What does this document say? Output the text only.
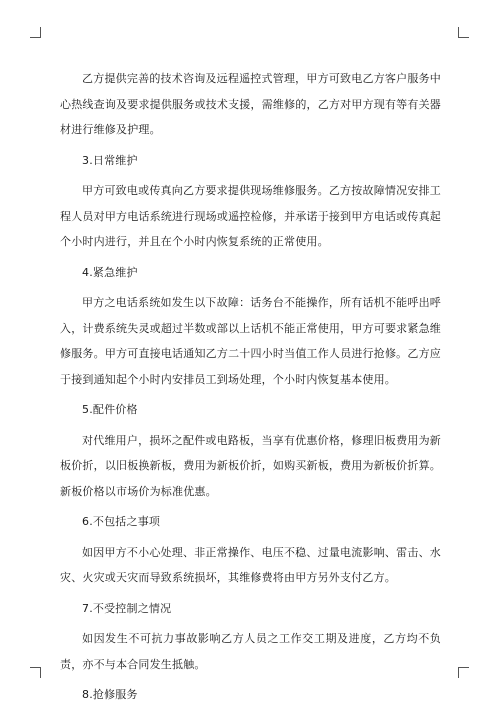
乙方提供完善的技术咨询及远程遥控式管理，甲方可致电乙方客户服务中心热线查询及要求提供服务或技术支援，需维修的，乙方对甲方现有等有关器材进行维修及护理。

3.日常维护

甲方可致电或传真向乙方要求提供现场维修服务。乙方按故障情况安排工程人员对甲方电话系统进行现场或遥控检修，并承诺于接到甲方电话或传真起个小时内进行，并且在个小时内恢复系统的正常使用。

4.紧急维护

甲方之电话系统如发生以下故障：话务台不能操作，所有话机不能呼出呼入，计费系统失灵或超过半数或部以上话机不能正常使用，甲方可要求紧急维修服务。甲方可直接电话通知乙方二十四小时当值工作人员进行抢修。乙方应于接到通知起个小时内安排员工到场处理，个小时内恢复基本使用。

5.配件价格

对代维用户，损坏之配件或电路板，当享有优惠价格，修理旧板费用为新板价折，以旧板换新板，费用为新板价折，如购买新板，费用为新板价折算。新板价格以市场价为标准优惠。

6.不包括之事项

如因甲方不小心处理、非正常操作、电压不稳、过量电流影响、雷击、水灾、火灾或天灾而导致系统损坏，其维修费将由甲方另外支付乙方。

7.不受控制之情况

如因发生不可抗力事故影响乙方人员之工作交工期及进度，乙方均不负责，亦不与本合同发生抵触。

8.抢修服务
